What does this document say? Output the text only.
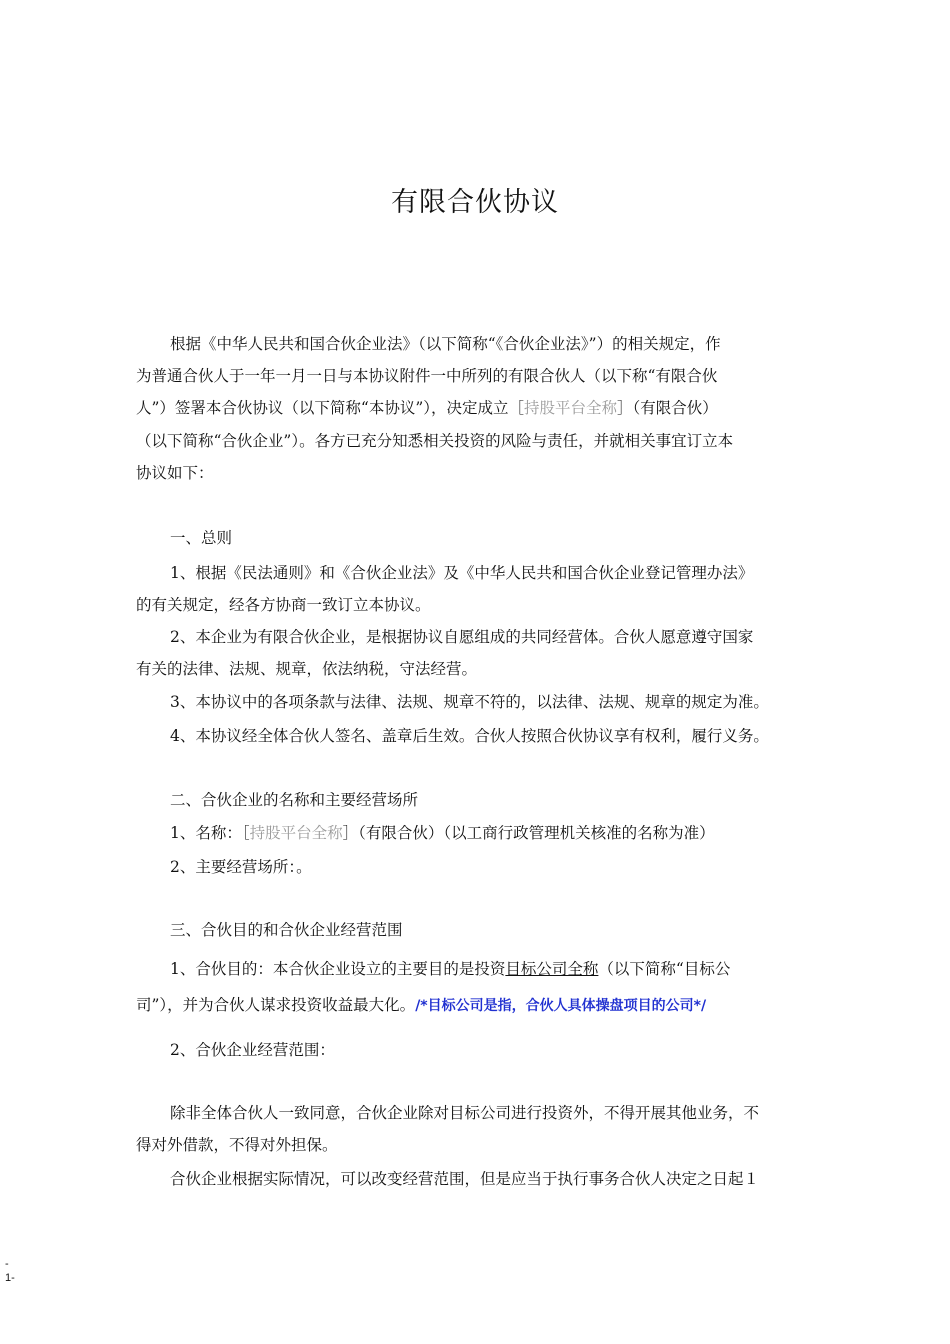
有限合伙协议
根据《中华人民共和国合伙企业法》（以下简称“《合伙企业法》”）的相关规定，作
为普通合伙人于一年一月一日与本协议附件一中所列的有限合伙人（以下称“有限合伙
人”）签署本合伙协议（以下简称“本协议”），决定成立［持股平台全称］（有限合伙）
（以下简称“合伙企业”）。各方已充分知悉相关投资的风险与责任，并就相关事宜订立本
协议如下：
一、总则
1、根据《民法通则》和《合伙企业法》及《中华人民共和国合伙企业登记管理办法》
的有关规定，经各方协商一致订立本协议。
2、本企业为有限合伙企业，是根据协议自愿组成的共同经营体。合伙人愿意遵守国家
有关的法律、法规、规章，依法纳税，守法经营。
3、本协议中的各项条款与法律、法规、规章不符的，以法律、法规、规章的规定为准。
4、本协议经全体合伙人签名、盖章后生效。合伙人按照合伙协议享有权利，履行义务。
二、合伙企业的名称和主要经营场所
1、名称：［持股平台全称］（有限合伙）（以工商行政管理机关核准的名称为准）
2、主要经营场所：。
三、合伙目的和合伙企业经营范围
1、合伙目的：本合伙企业设立的主要目的是投资目标公司全称（以下简称“目标公
司”），并为合伙人谋求投资收益最大化。/*目标公司是指，合伙人具体操盘项目的公司*/
2、合伙企业经营范围：
除非全体合伙人一致同意，合伙企业除对目标公司进行投资外，不得开展其他业务，不
得对外借款，不得对外担保。
合伙企业根据实际情况，可以改变经营范围，但是应当于执行事务合伙人决定之日起１
-
1-
